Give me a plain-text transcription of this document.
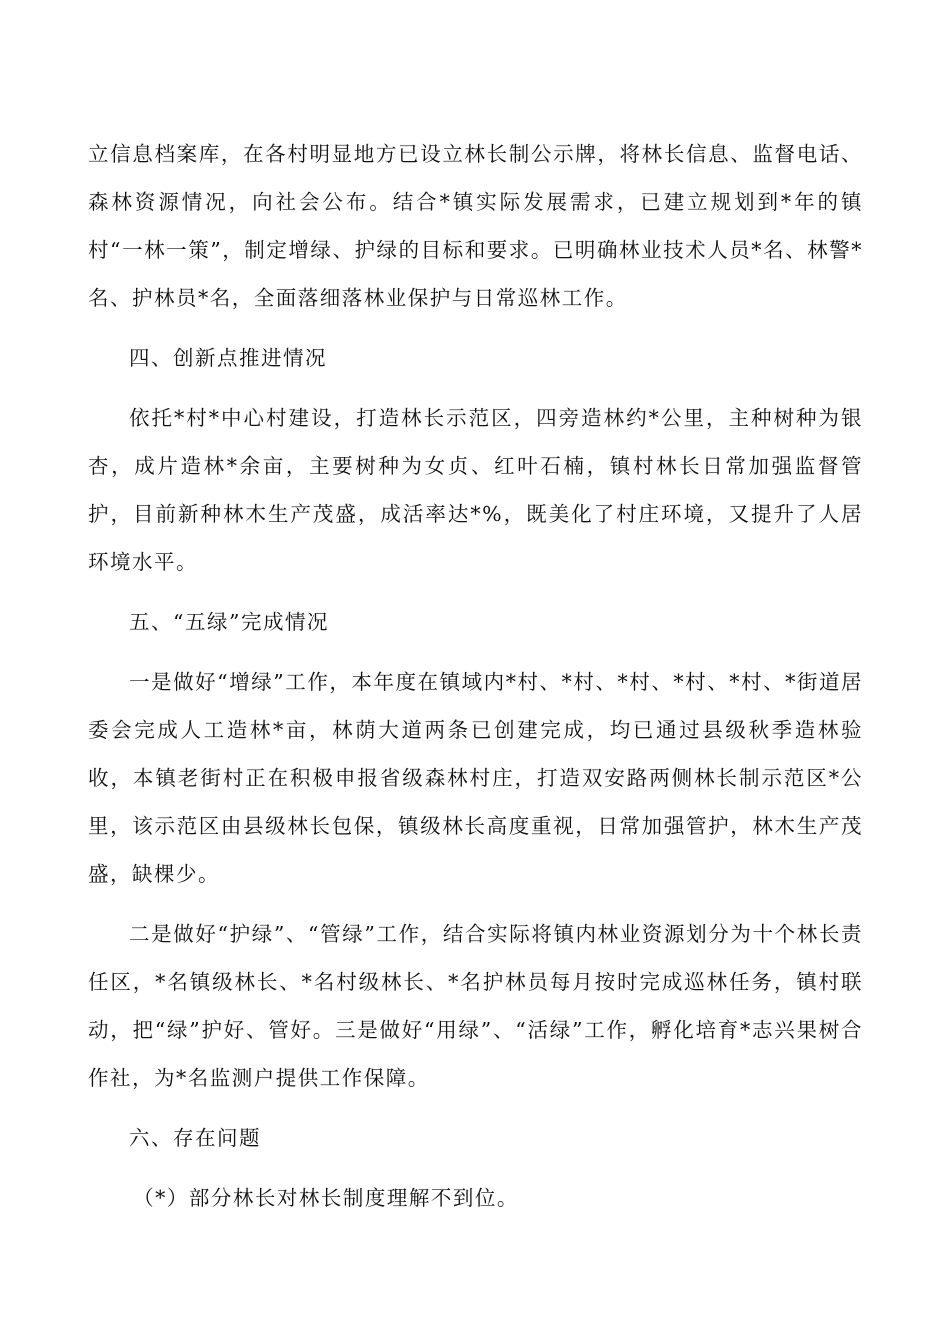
立信息档案库，在各村明显地方已设立林长制公示牌，将林长信息、监督电话、森林资源情况，向社会公布。结合*镇实际发展需求，已建立规划到*年的镇村“一林一策”，制定增绿、护绿的目标和要求。已明确林业技术人员*名、林警*名、护林员*名，全面落细落林业保护与日常巡林工作。

四、创新点推进情况

依托*村*中心村建设，打造林长示范区，四旁造林约*公里，主种树种为银杏，成片造林*余亩，主要树种为女贞、红叶石楠，镇村林长日常加强监督管护，目前新种林木生产茂盛，成活率达*%，既美化了村庄环境，又提升了人居环境水平。

五、“五绿”完成情况

一是做好“增绿”工作，本年度在镇域内*村、*村、*村、*村、*村、*街道居委会完成人工造林*亩，林荫大道两条已创建完成，均已通过县级秋季造林验收，本镇老街村正在积极申报省级森林村庄，打造双安路两侧林长制示范区*公里，该示范区由县级林长包保，镇级林长高度重视，日常加强管护，林木生产茂盛，缺棵少。

二是做好“护绿”、“管绿”工作，结合实际将镇内林业资源划分为十个林长责任区，*名镇级林长、*名村级林长、*名护林员每月按时完成巡林任务，镇村联动，把“绿”护好、管好。三是做好“用绿”、“活绿”工作，孵化培育*志兴果树合作社，为*名监测户提供工作保障。

六、存在问题

（*）部分林长对林长制度理解不到位。
